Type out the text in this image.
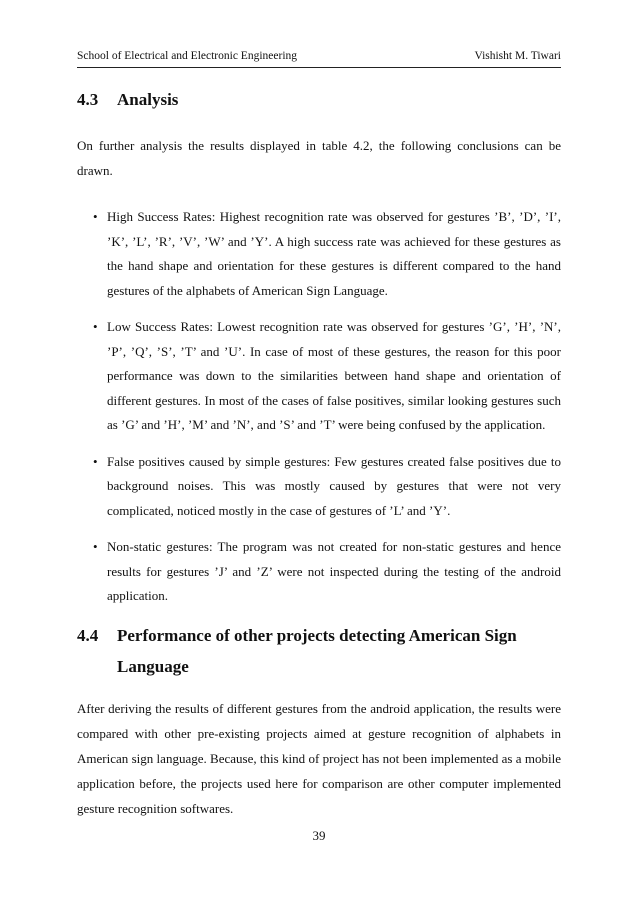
School of Electrical and Electronic Engineering	Vishisht M. Tiwari
4.3 Analysis
On further analysis the results displayed in table 4.2, the following conclusions can be drawn.
• High Success Rates: Highest recognition rate was observed for gestures ’B’, ’D’, ’I’, ’K’, ’L’, ’R’, ’V’, ’W’ and ’Y’. A high success rate was achieved for these gestures as the hand shape and orientation for these gestures is different compared to the hand gestures of the alphabets of American Sign Language.
• Low Success Rates: Lowest recognition rate was observed for gestures ’G’, ’H’, ’N’, ’P’, ’Q’, ’S’, ’T’ and ’U’. In case of most of these gestures, the reason for this poor performance was down to the similarities between hand shape and orientation of different gestures. In most of the cases of false positives, similar looking gestures such as ’G’ and ’H’, ’M’ and ’N’, and ’S’ and ’T’ were being confused by the application.
• False positives caused by simple gestures: Few gestures created false positives due to background noises. This was mostly caused by gestures that were not very complicated, noticed mostly in the case of gestures of ’L’ and ’Y’.
• Non-static gestures: The program was not created for non-static gestures and hence results for gestures ’J’ and ’Z’ were not inspected during the testing of the android application.
4.4 Performance of other projects detecting American Sign Language
After deriving the results of different gestures from the android application, the results were compared with other pre-existing projects aimed at gesture recognition of alphabets in American sign language. Because, this kind of project has not been implemented as a mobile application before, the projects used here for comparison are other computer implemented gesture recognition softwares.
39
